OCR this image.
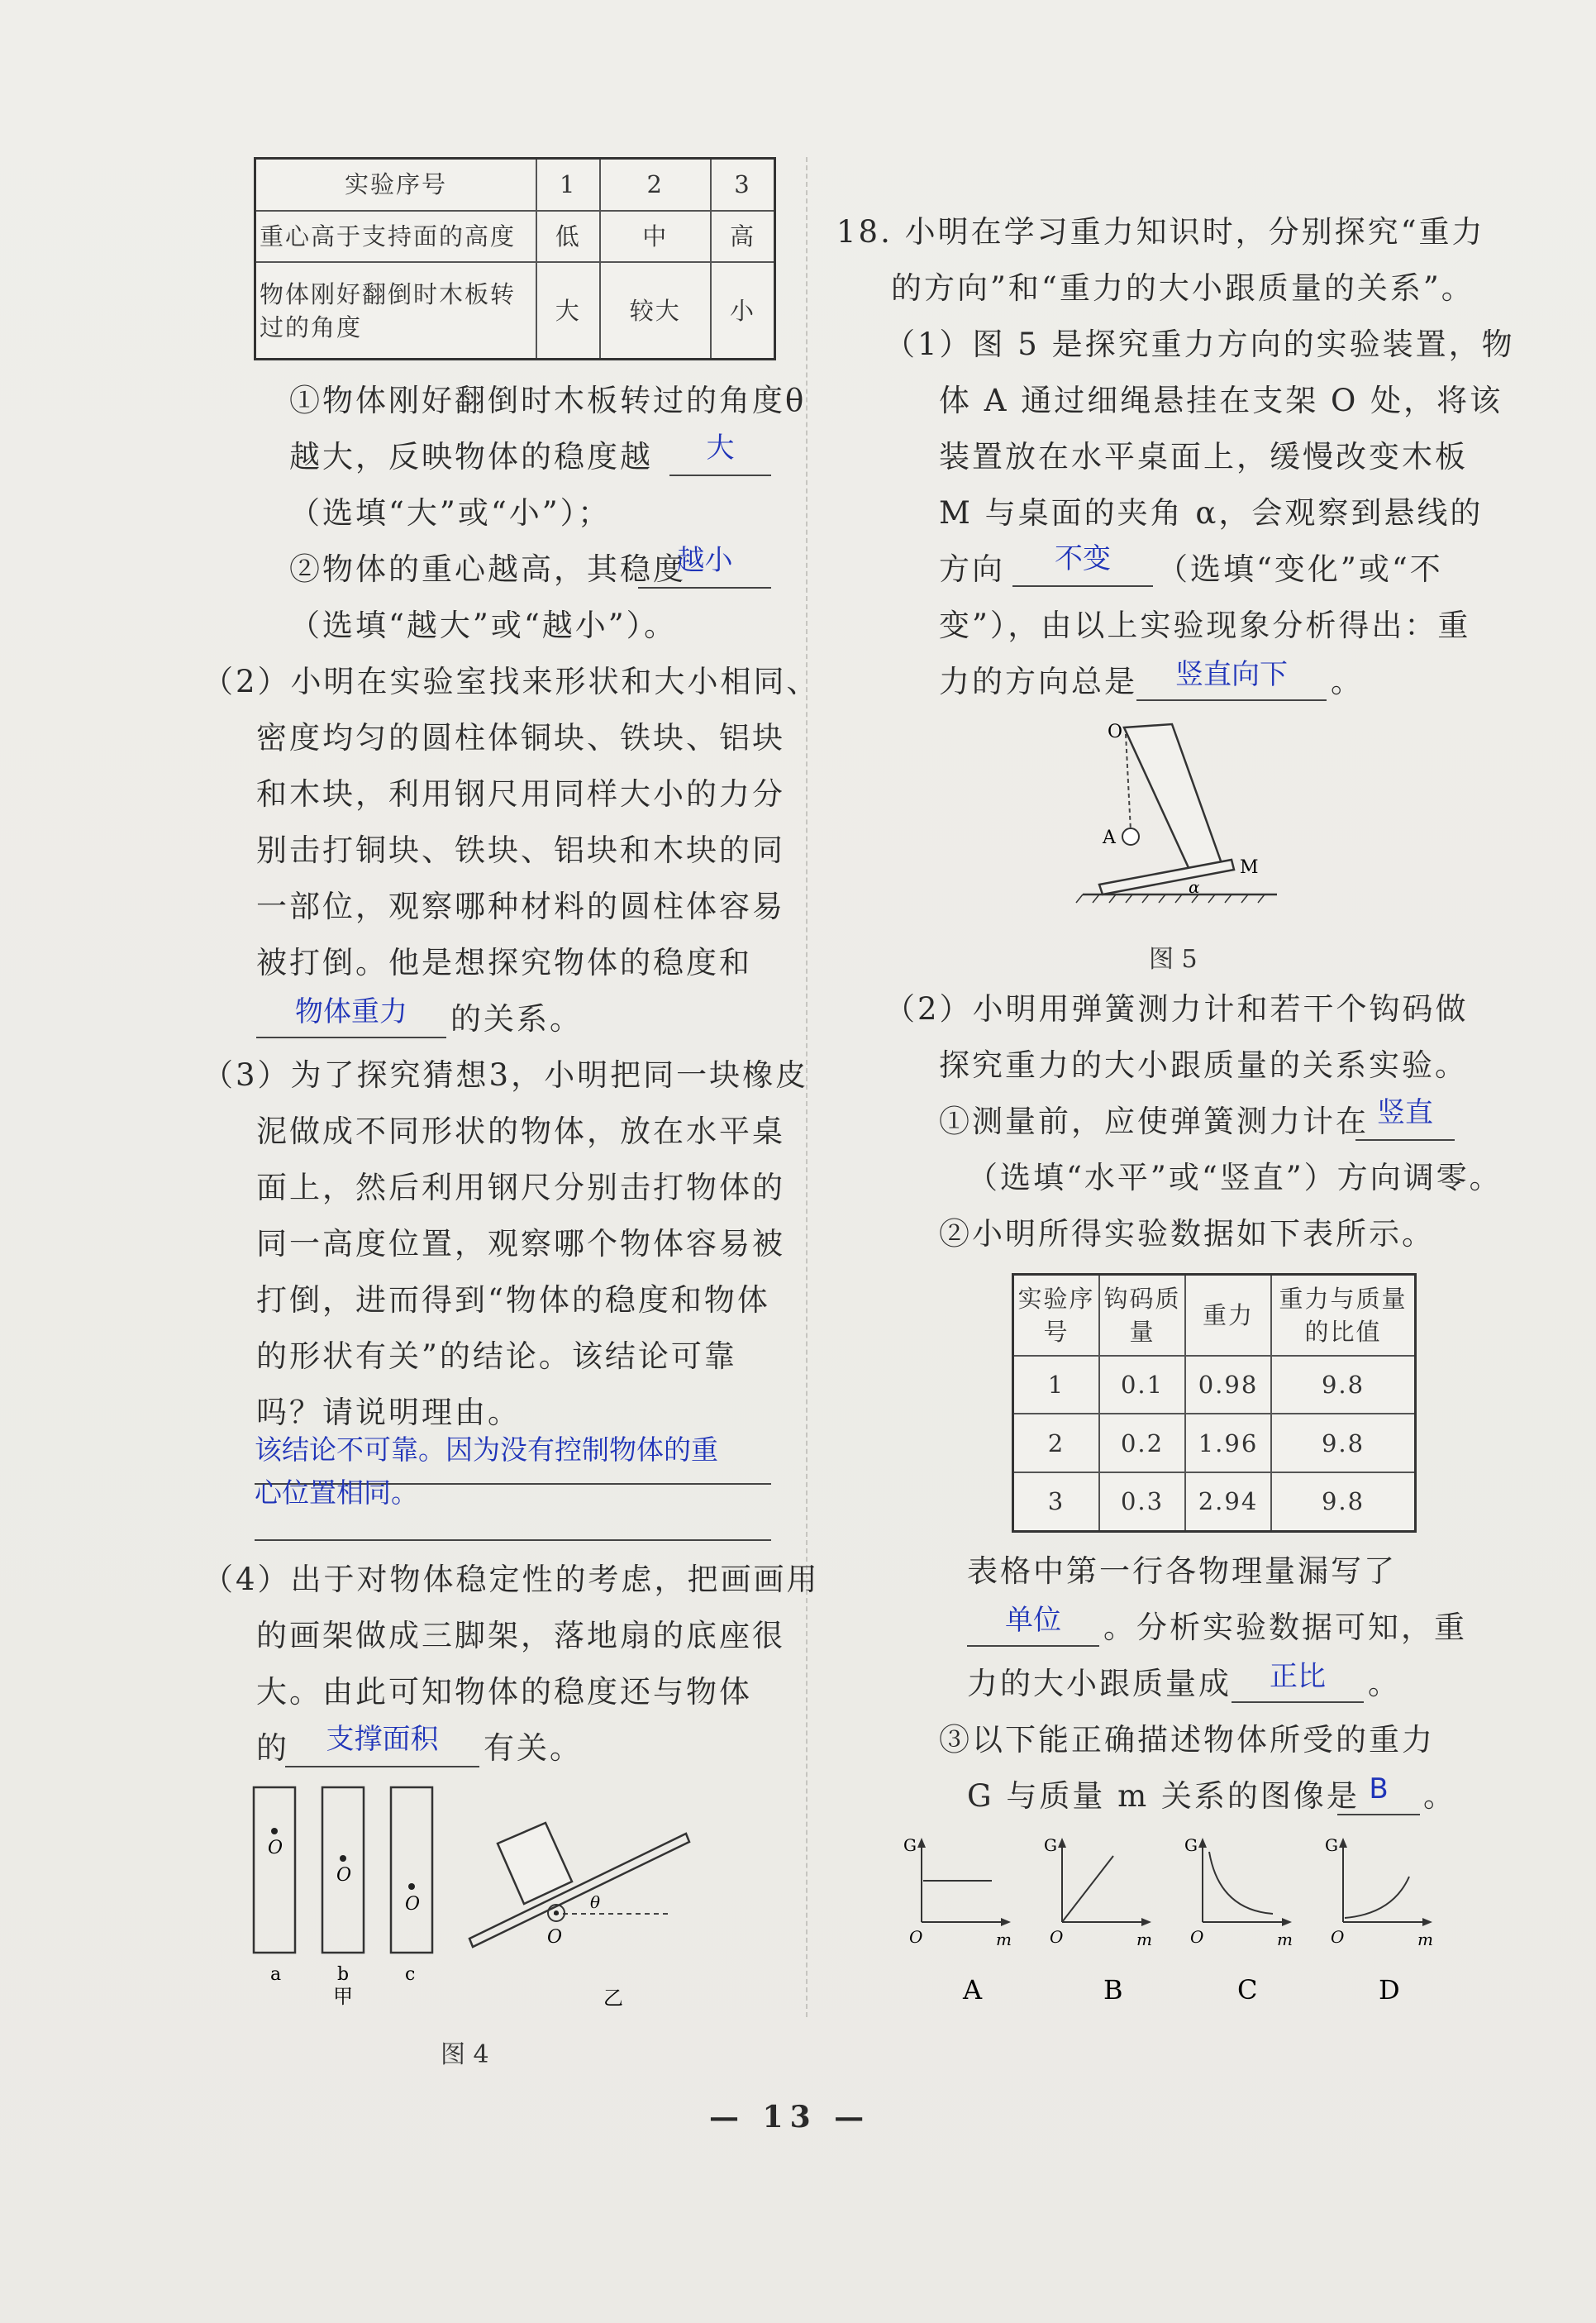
实验序号	1	2	3
重心高于支持面的高度	低	中	高
物体刚好翻倒时木板转过的角度	大	较大	小
①物体刚好翻倒时木板转过的角度θ
越大，反映物体的稳度越	大
（选填“大”或“小”）；
②物体的重心越高，其稳度
越小
（选填“越大”或“越小”）。
（2）小明在实验室找来形状和大小相同、
密度均匀的圆柱体铜块、铁块、铝块
和木块，利用钢尺用同样大小的力分
别击打铜块、铁块、铝块和木块的同
一部位，观察哪种材料的圆柱体容易
被打倒。他是想探究物体的稳度和
物体重力	的关系。
（3）为了探究猜想3，小明把同一块橡皮
泥做成不同形状的物体，放在水平桌
面上，然后利用钢尺分别击打物体的
同一高度位置，观察哪个物体容易被
打倒，进而得到“物体的稳度和物体
的形状有关”的结论。该结论可靠
吗？请说明理由。
该结论不可靠。因为没有控制物体的重
心位置相同。
（4）出于对物体稳定性的考虑，把画画用
的画架做成三脚架，落地扇的底座很
大。由此可知物体的稳度还与物体
的	支撑面积	有关。
O
O
O
a	b	c
甲
θ
O
乙
图 4
18. 小明在学习重力知识时，分别探究“重力
的方向”和“重力的大小跟质量的关系”。
（1）图 5 是探究重力方向的实验装置，物
体 A 通过细绳悬挂在支架 O 处，将该
装置放在水平桌面上，缓慢改变木板
M 与桌面的夹角 α，会观察到悬线的
方向	不变	（选填“变化”或“不
变”），由以上实验现象分析得出：重
力的方向总是	竖直向下	。
O
A
M
α
图 5
（2）小明用弹簧测力计和若干个钩码做
探究重力的大小跟质量的关系实验。
①测量前，应使弹簧测力计在 竖直
（选填“水平”或“竖直”）方向调零。
②小明所得实验数据如下表所示。
实验序号	钩码质量	重力	重力与质量的比值
1	0.1	0.98	9.8
2	0.2	1.96	9.8
3	0.3	2.94	9.8
表格中第一行各物理量漏写了
单位	。分析实验数据可知，重
力的大小跟质量成	正比	。
③以下能正确描述物体所受的重力
G 与质量 m 关系的图像是 B	。
G
O	m
A
G
O	m
B
G
O	m
C
G
O	m
D
— 13 —
